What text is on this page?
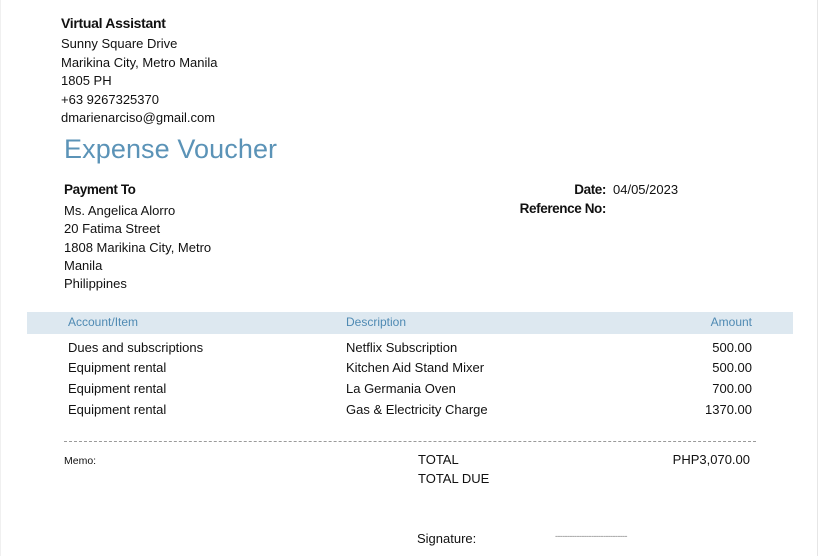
Virtual Assistant
Sunny Square Drive
Marikina City, Metro Manila
1805 PH
+63 9267325370
dmarienarciso@gmail.com
Expense Voucher
Payment To
Ms. Angelica Alorro
20 Fatima Street
1808 Marikina City, Metro
Manila
Philippines
Date: 04/05/2023
Reference No:
Account/Item	Description	Amount
Dues and subscriptions	Netflix Subscription	500.00
Equipment rental	Kitchen Aid Stand Mixer	500.00
Equipment rental	La Germania Oven	700.00
Equipment rental	Gas & Electricity Charge	1370.00
Memo:	TOTAL	PHP3,070.00
TOTAL DUE
Signature:	------------------------------
